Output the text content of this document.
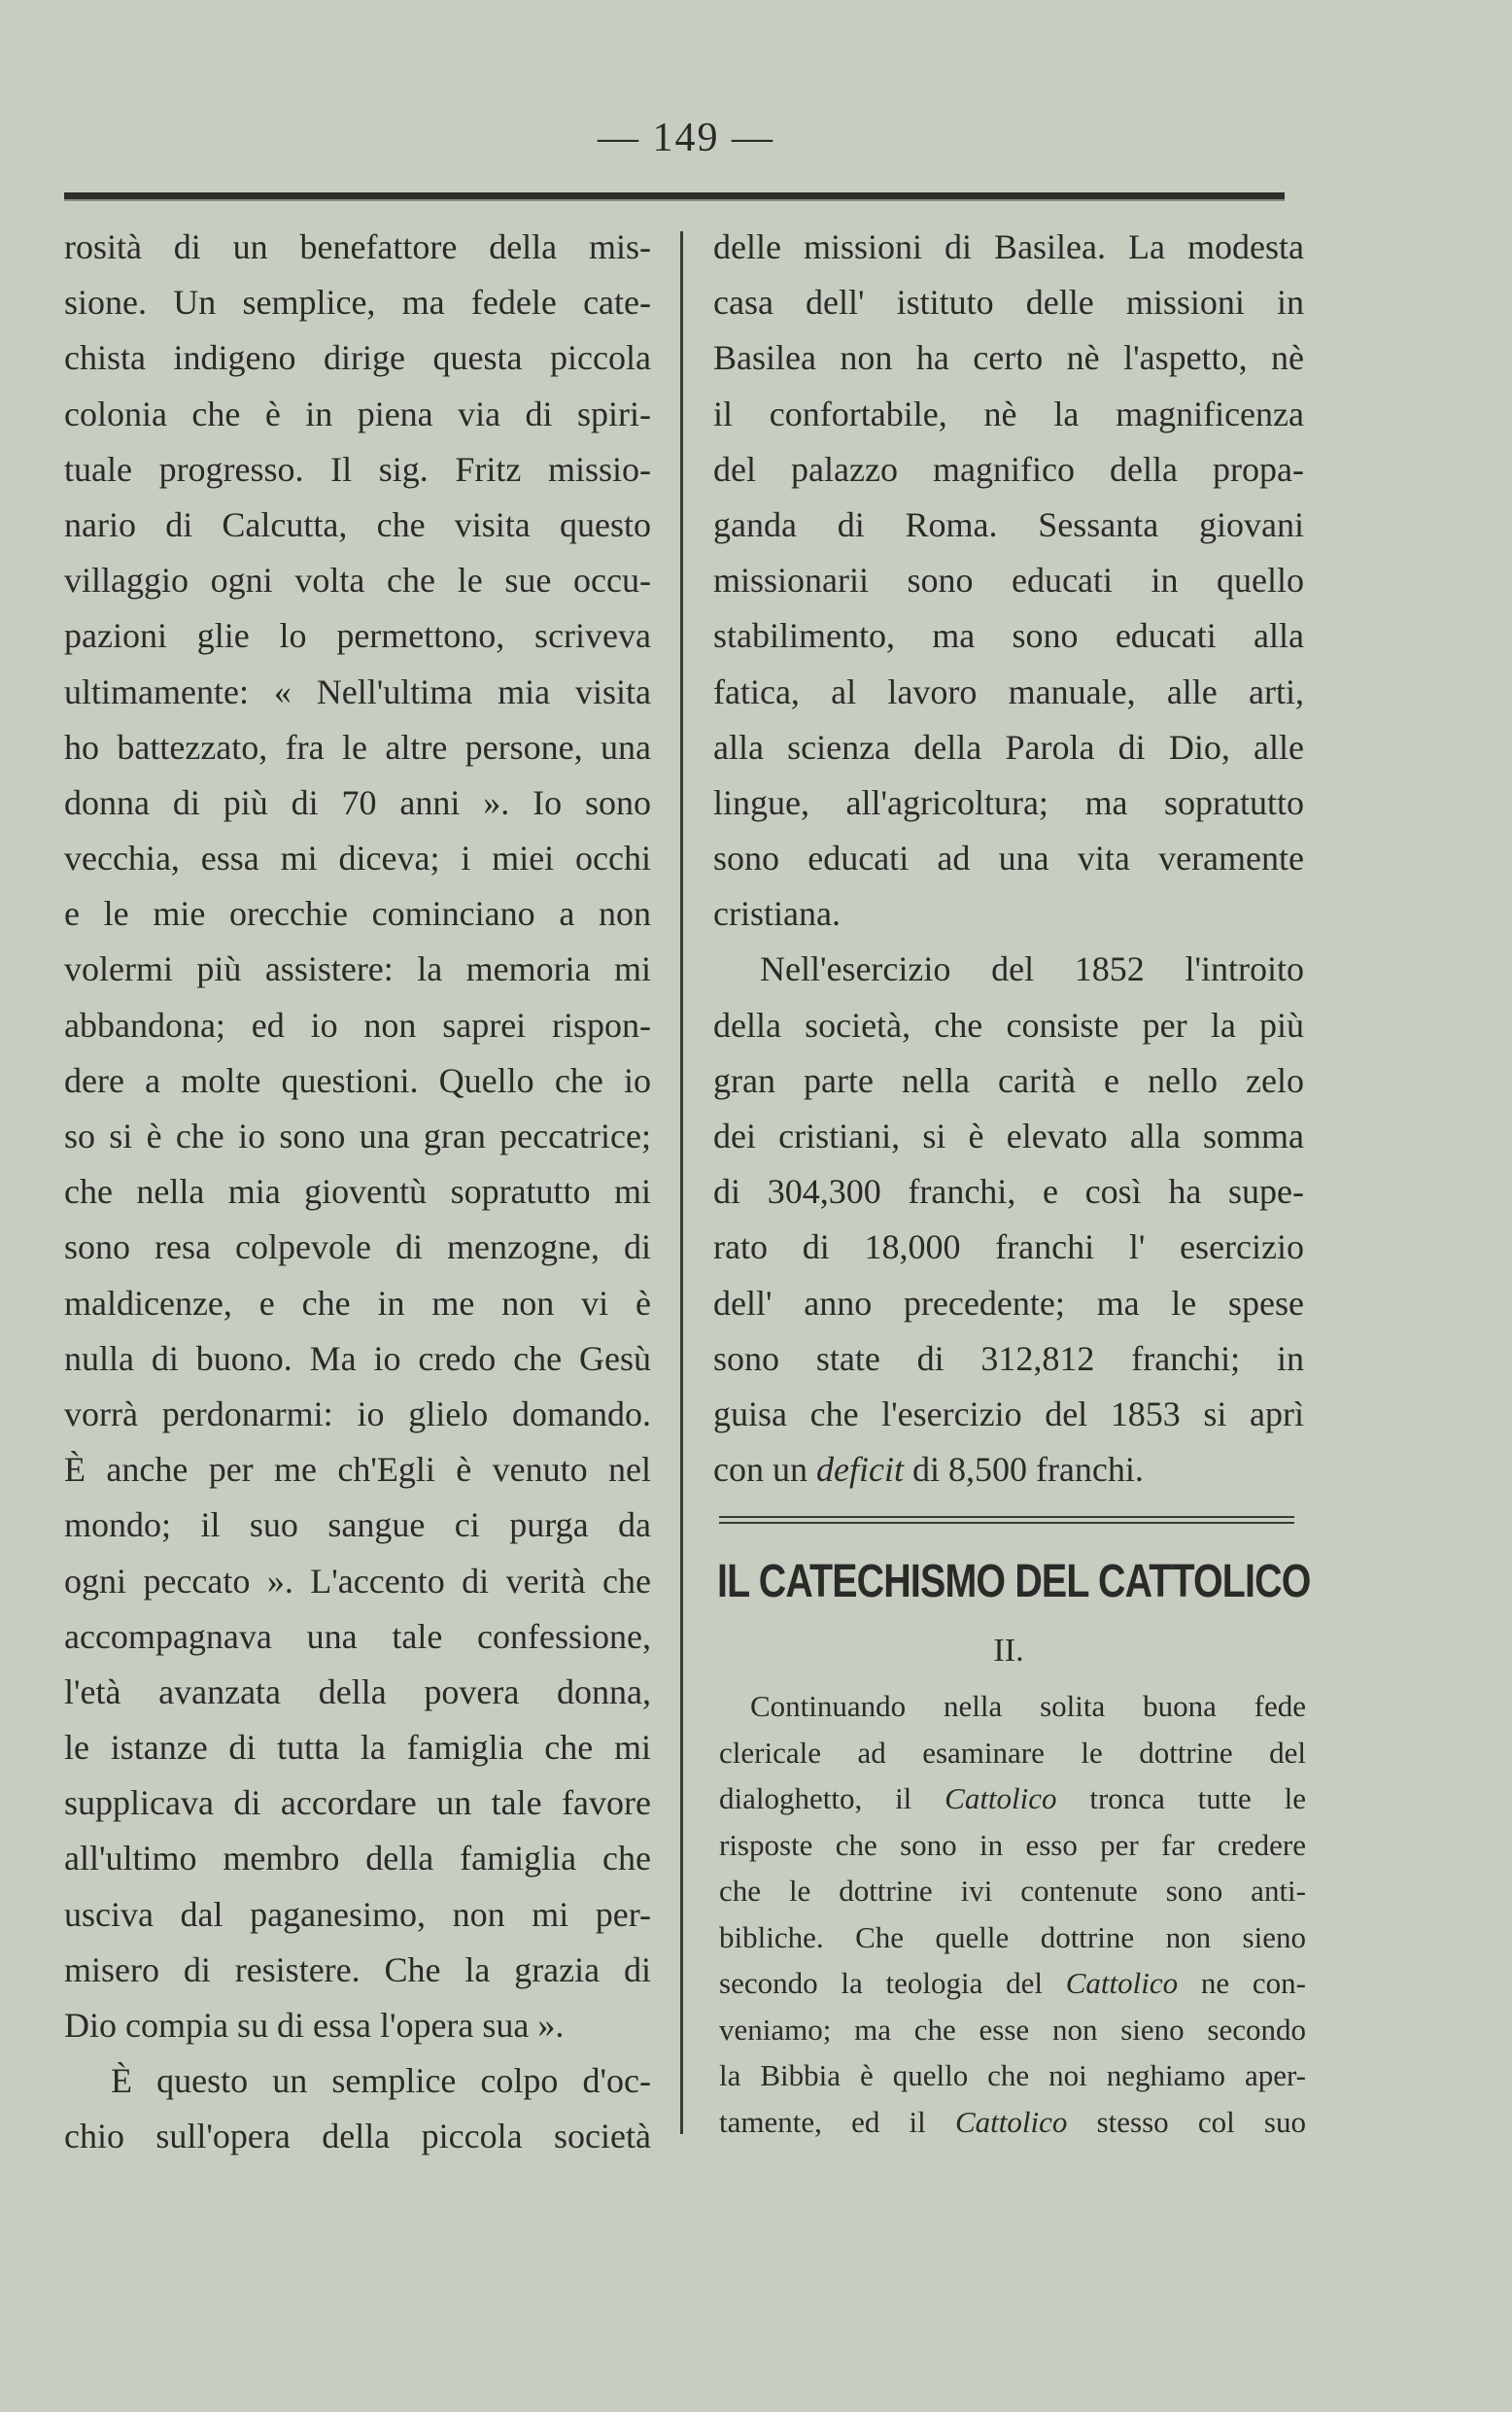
— 149 —
rosità di un benefattore della mis-
sione. Un semplice, ma fedele cate-
chista indigeno dirige questa piccola
colonia che è in piena via di spiri-
tuale progresso. Il sig. Fritz missio-
nario di Calcutta, che visita questo
villaggio ogni volta che le sue occu-
pazioni glie lo permettono, scriveva
ultimamente: « Nell'ultima mia visita
ho battezzato, fra le altre persone, una
donna di più di 70 anni ». Io sono
vecchia, essa mi diceva; i miei occhi
e le mie orecchie cominciano a non
volermi più assistere: la memoria mi
abbandona; ed io non saprei rispon-
dere a molte questioni. Quello che io
so si è che io sono una gran peccatrice;
che nella mia gioventù sopratutto mi
sono resa colpevole di menzogne, di
maldicenze, e che in me non vi è
nulla di buono. Ma io credo che Gesù
vorrà perdonarmi: io glielo domando.
È anche per me ch'Egli è venuto nel
mondo; il suo sangue ci purga da
ogni peccato ». L'accento di verità che
accompagnava una tale confessione,
l'età avanzata della povera donna,
le istanze di tutta la famiglia che mi
supplicava di accordare un tale favore
all'ultimo membro della famiglia che
usciva dal paganesimo, non mi per-
misero di resistere. Che la grazia di
Dio compia su di essa l'opera sua ».
È questo un semplice colpo d'oc-
chio sull'opera della piccola società
delle missioni di Basilea. La modesta
casa dell' istituto delle missioni in
Basilea non ha certo nè l'aspetto, nè
il confortabile, nè la magnificenza
del palazzo magnifico della propa-
ganda di Roma. Sessanta giovani
missionarii sono educati in quello
stabilimento, ma sono educati alla
fatica, al lavoro manuale, alle arti,
alla scienza della Parola di Dio, alle
lingue, all'agricoltura; ma sopratutto
sono educati ad una vita veramente
cristiana.
Nell'esercizio del 1852 l'introito
della società, che consiste per la più
gran parte nella carità e nello zelo
dei cristiani, si è elevato alla somma
di 304,300 franchi, e così ha supe-
rato di 18,000 franchi l' esercizio
dell' anno precedente; ma le spese
sono state di 312,812 franchi; in
guisa che l'esercizio del 1853 si aprì
con un deficit di 8,500 franchi.
IL CATECHISMO DEL CATTOLICO
II.
Continuando nella solita buona fede
clericale ad esaminare le dottrine del
dialoghetto, il Cattolico tronca tutte le
risposte che sono in esso per far credere
che le dottrine ivi contenute sono anti-
bibliche. Che quelle dottrine non sieno
secondo la teologia del Cattolico ne con-
veniamo; ma che esse non sieno secondo
la Bibbia è quello che noi neghiamo aper-
tamente, ed il Cattolico stesso col suo
